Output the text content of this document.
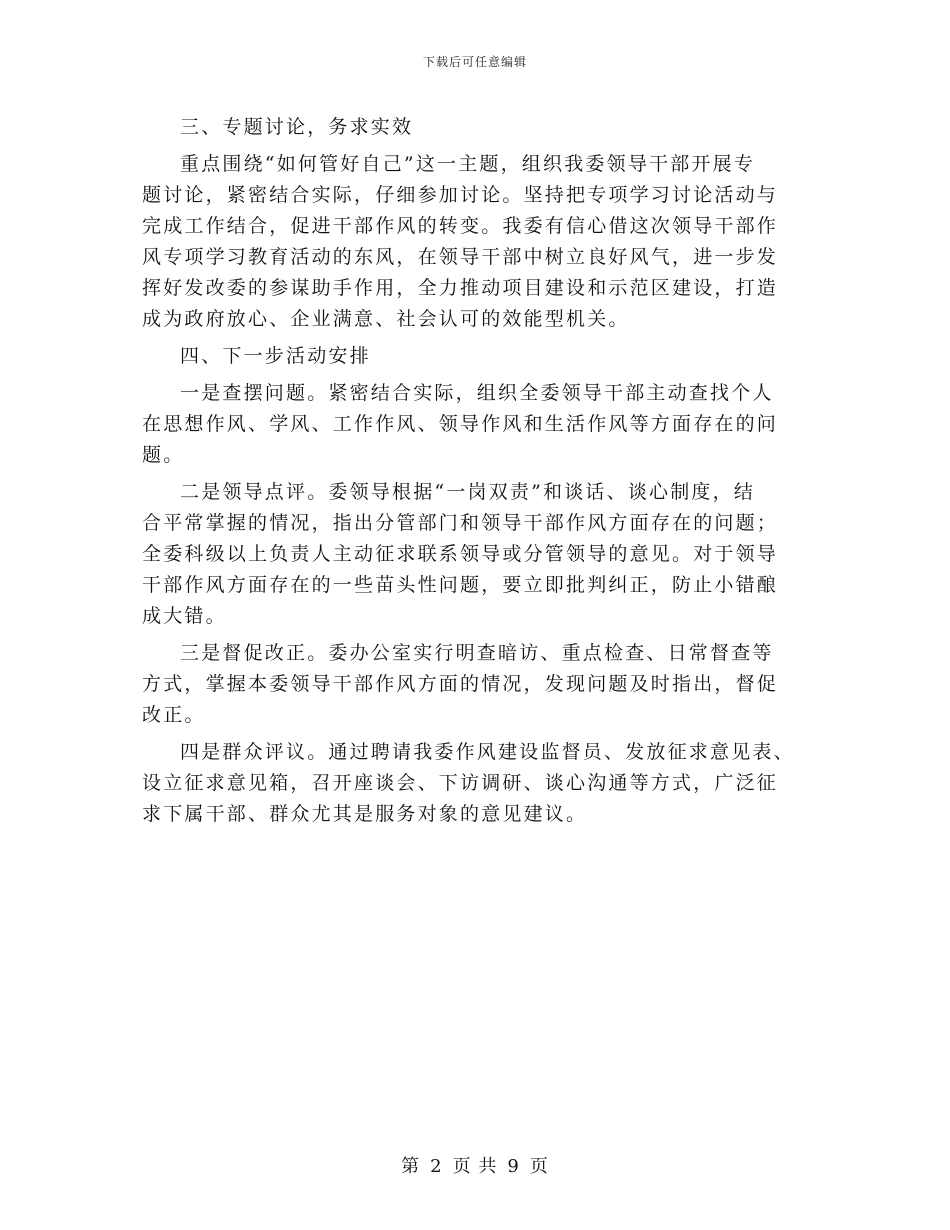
下载后可任意编辑

三、专题讨论，务求实效

重点围绕“如何管好自己”这一主题，组织我委领导干部开展专
题讨论，紧密结合实际，仔细参加讨论。坚持把专项学习讨论活动与
完成工作结合，促进干部作风的转变。我委有信心借这次领导干部作
风专项学习教育活动的东风，在领导干部中树立良好风气，进一步发
挥好发改委的参谋助手作用，全力推动项目建设和示范区建设，打造
成为政府放心、企业满意、社会认可的效能型机关。

四、下一步活动安排

一是查摆问题。紧密结合实际，组织全委领导干部主动查找个人
在思想作风、学风、工作作风、领导作风和生活作风等方面存在的问
题。

二是领导点评。委领导根据“一岗双责”和谈话、谈心制度，结
合平常掌握的情况，指出分管部门和领导干部作风方面存在的问题；
全委科级以上负责人主动征求联系领导或分管领导的意见。对于领导
干部作风方面存在的一些苗头性问题，要立即批判纠正，防止小错酿
成大错。

三是督促改正。委办公室实行明查暗访、重点检查、日常督查等
方式，掌握本委领导干部作风方面的情况，发现问题及时指出，督促
改正。

四是群众评议。通过聘请我委作风建设监督员、发放征求意见表、
设立征求意见箱，召开座谈会、下访调研、谈心沟通等方式，广泛征
求下属干部、群众尤其是服务对象的意见建议。

第 2 页 共 9 页
